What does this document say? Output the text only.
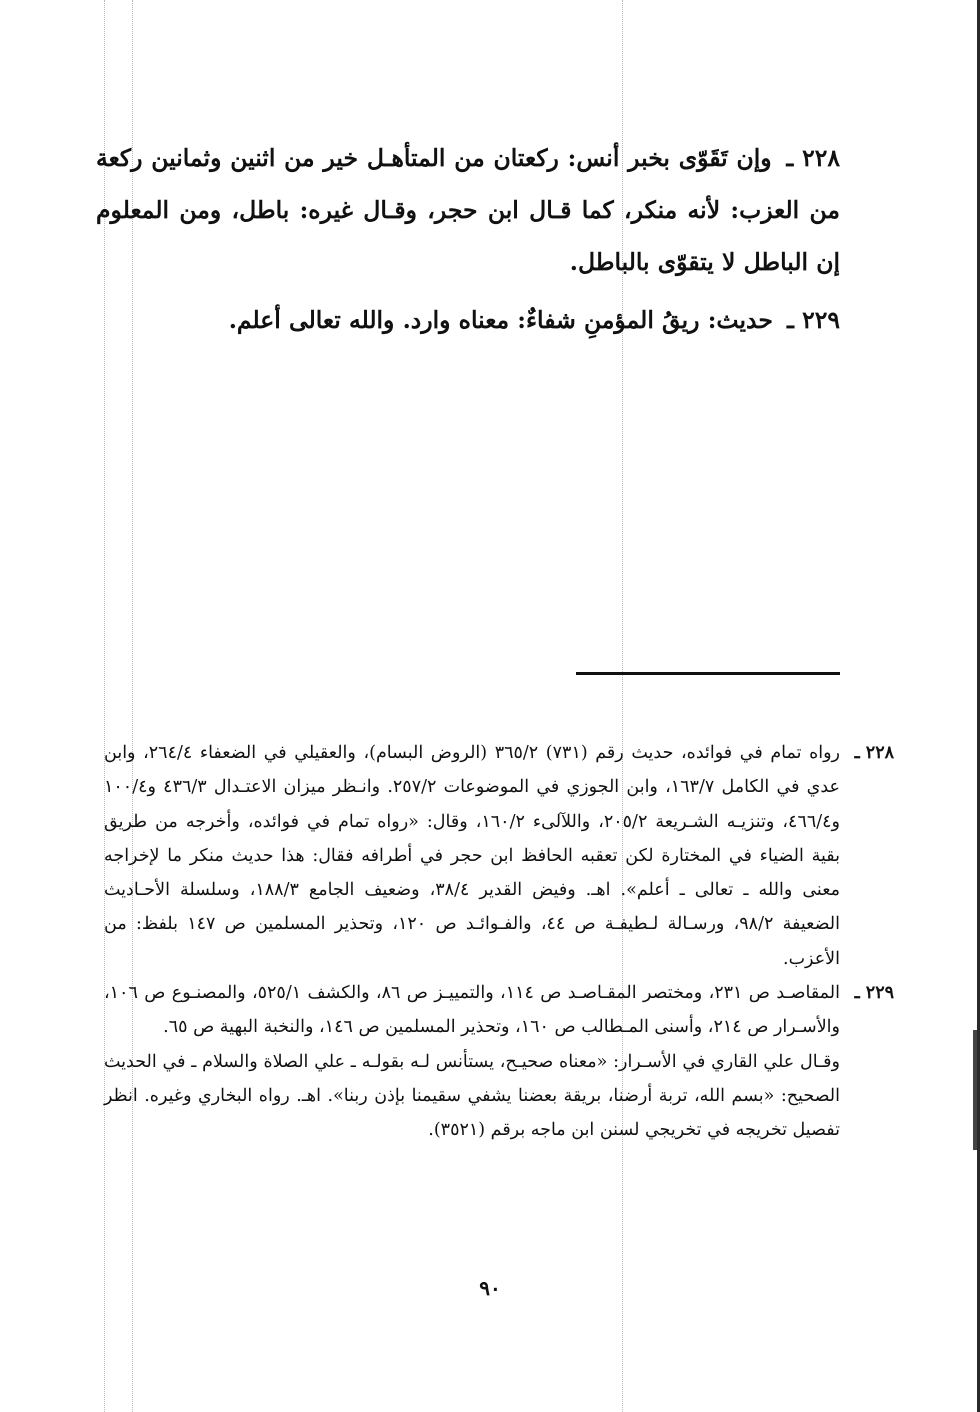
٢٢٨ ـ وإن تَقَوّى بخبر أنس: ركعتان من المتأهـل خير من اثنين وثمانين ركعة من العزب: لأنه منكر، كما قـال ابن حجر، وقـال غيره: باطل، ومن المعلوم إن الباطل لا يتقوّى بالباطل.

٢٢٩ ـ حديث: ريقُ المؤمنِ شفاءٌ: معناه وارد. والله تعالى أعلم.

٢٢٨ ـ
رواه تمام في فوائده، حديث رقم (٧٣١) ٣٦٥/٢ (الروض البسام)، والعقيلي في الضعفاء ٢٦٤/٤، وابن عدي في الكامل ١٦٣/٧، وابن الجوزي في الموضوعات ٢٥٧/٢. وانـظر ميزان الاعتـدال ٤٣٦/٣ و١٠٠/٤ و٤٦٦/٤، وتنزيـه الشـريعة ٢٠٥/٢، واللآلىء ١٦٠/٢، وقال: «رواه تمام في فوائده، وأخرجه من طريق بقية الضياء في المختارة لكن تعقبه الحافظ ابن حجر في أطرافه فقال: هذا حديث منكر ما لإخراجه معنى والله ـ تعالى ـ أعلم». اهـ. وفيض القدير ٣٨/٤، وضعيف الجامع ١٨٨/٣، وسلسلة الأحـاديث الضعيفة ٩٨/٢، ورسـالة لـطيفـة ص ٤٤، والفـوائـد ص ١٢٠، وتحذير المسلمين ص ١٤٧ بلفظ: من الأعزب.
٢٢٩ ـ
المقاصـد ص ٢٣١، ومختصر المقـاصـد ص ١١٤، والتمييـز ص ٨٦، والكشف ٥٢٥/١، والمصنـوع ص ١٠٦، والأسـرار ص ٢١٤، وأسنى المـطالب ص ١٦٠، وتحذير المسلمين ص ١٤٦، والنخبة البهية ص ٦٥.
وقـال علي القاري في الأسـرار: «معناه صحيـح، يستأنس لـه بقولـه ـ علي الصلاة والسلام ـ في الحديث الصحيح: «بسم الله، تربة أرضنا، بريقة بعضنا يشفي سقيمنا بإذن ربنا». اهـ. رواه البخاري وغيره. انظر تفصيل تخريجه في تخريجي لسنن ابن ماجه برقم (٣٥٢١).
٩٠
